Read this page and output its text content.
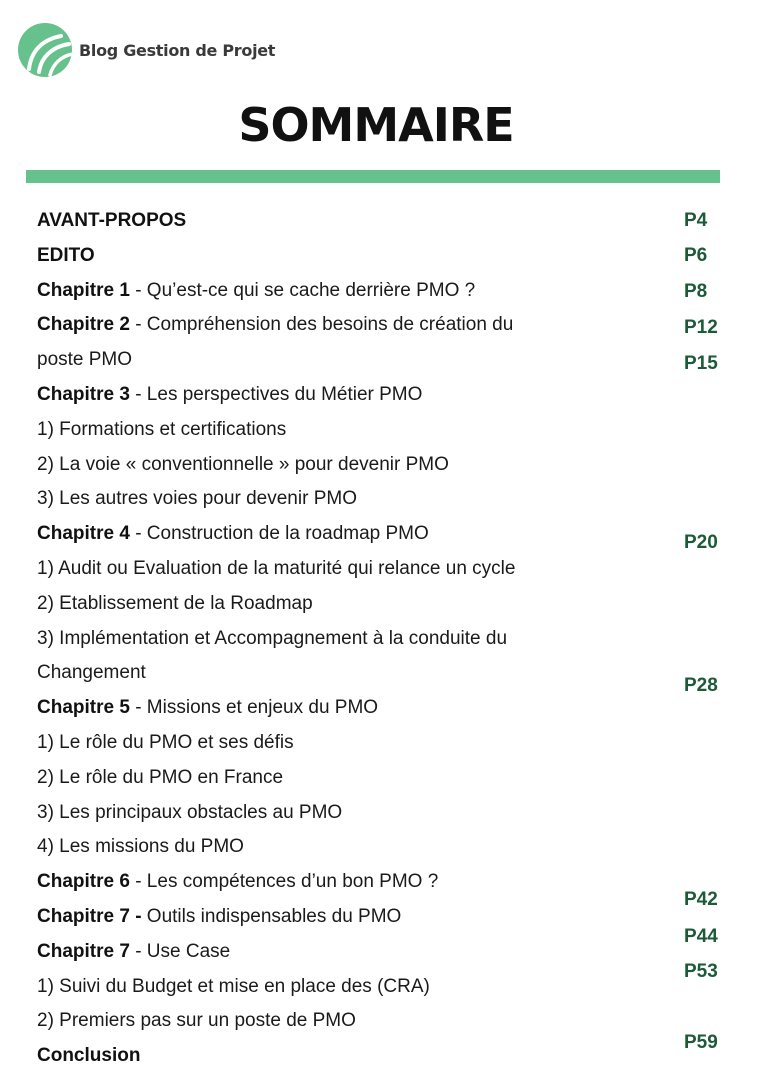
Blog Gestion de Projet
SOMMAIRE
AVANT-PROPOS
EDITO
Chapitre 1 - Qu’est-ce qui se cache derrière PMO ?
Chapitre 2 - Compréhension des besoins de création du
poste PMO
Chapitre 3 - Les perspectives du Métier PMO
1) Formations et certifications
2) La voie « conventionnelle » pour devenir PMO
3) Les autres voies pour devenir PMO
Chapitre 4 - Construction de la roadmap PMO
1) Audit ou Evaluation de la maturité qui relance un cycle
2) Etablissement de la Roadmap
3) Implémentation et Accompagnement à la conduite du
Changement
Chapitre 5 - Missions et enjeux du PMO
1) Le rôle du PMO et ses défis
2) Le rôle du PMO en France
3) Les principaux obstacles au PMO
4) Les missions du PMO
Chapitre 6 - Les compétences d’un bon PMO ?
Chapitre 7 - Outils indispensables du PMO
Chapitre 7 - Use Case
1) Suivi du Budget et mise en place des (CRA)
2) Premiers pas sur un poste de PMO
Conclusion
P4
P6
P8
P12
P15
P20
P28
P42
P44
P53
P59
